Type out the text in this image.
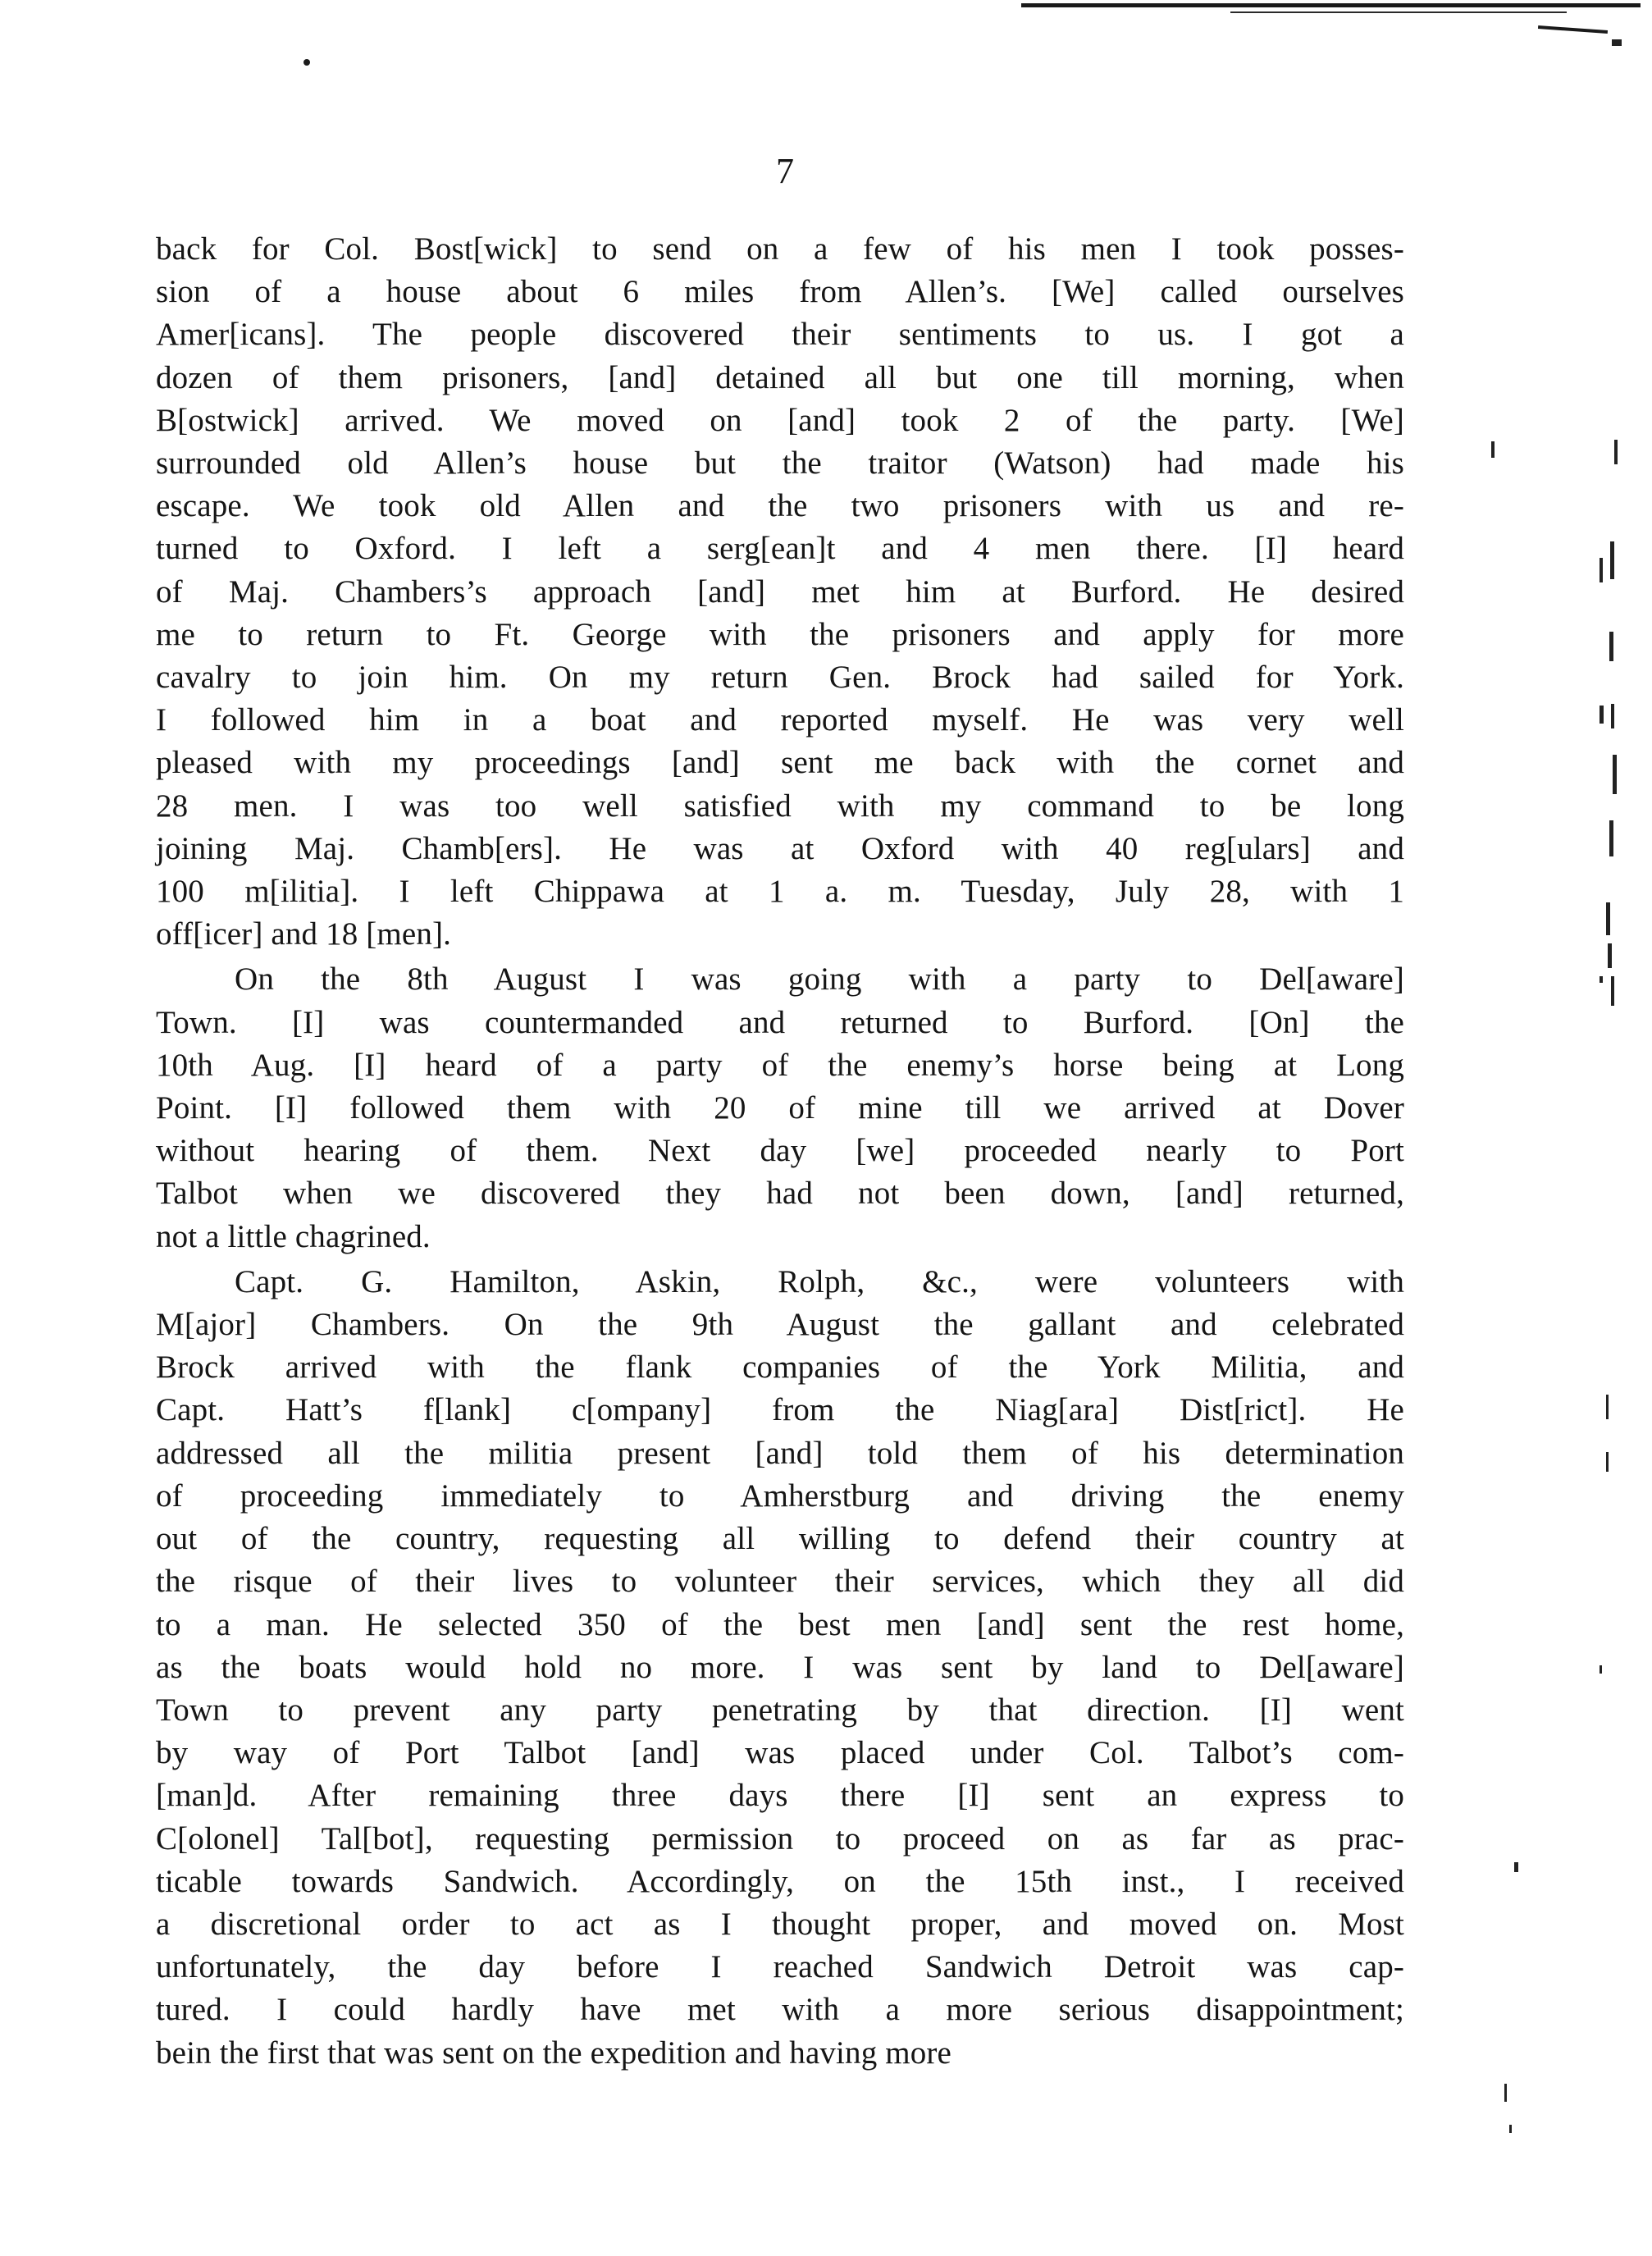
7

back for Col. Bost[wick] to send on a few of his men I took posses-
sion of a house about 6 miles from Allen’s. [We] called ourselves
Amer[icans]. The people discovered their sentiments to us. I got a
dozen of them prisoners, [and] detained all but one till morning, when
B[ostwick] arrived. We moved on [and] took 2 of the party. [We]
surrounded old Allen’s house but the traitor (Watson) had made his
escape. We took old Allen and the two prisoners with us and re-
turned to Oxford. I left a serg[ean]t and 4 men there. [I] heard
of Maj. Chambers’s approach [and] met him at Burford. He desired
me to return to Ft. George with the prisoners and apply for more
cavalry to join him. On my return Gen. Brock had sailed for York.
I followed him in a boat and reported myself. He was very well
pleased with my proceedings [and] sent me back with the cornet and
28 men. I was too well satisfied with my command to be long
joining Maj. Chamb[ers]. He was at Oxford with 40 reg[ulars] and
100 m[ilitia]. I left Chippawa at 1 a. m. Tuesday, July 28, with 1
off[icer] and 18 [men].

On the 8th August I was going with a party to Del[aware]
Town. [I] was countermanded and returned to Burford. [On] the
10th Aug. [I] heard of a party of the enemy’s horse being at Long
Point. [I] followed them with 20 of mine till we arrived at Dover
without hearing of them. Next day [we] proceeded nearly to Port
Talbot when we discovered they had not been down, [and] returned,
not a little chagrined.

Capt. G. Hamilton, Askin, Rolph, &c., were volunteers with
M[ajor] Chambers. On the 9th August the gallant and celebrated
Brock arrived with the flank companies of the York Militia, and
Capt. Hatt’s f[lank] c[ompany] from the Niag[ara] Dist[rict]. He
addressed all the militia present [and] told them of his determination
of proceeding immediately to Amherstburg and driving the enemy
out of the country, requesting all willing to defend their country at
the risque of their lives to volunteer their services, which they all did
to a man. He selected 350 of the best men [and] sent the rest home,
as the boats would hold no more. I was sent by land to Del[aware]
Town to prevent any party penetrating by that direction. [I] went
by way of Port Talbot [and] was placed under Col. Talbot’s com-
[man]d. After remaining three days there [I] sent an express to
C[olonel] Tal[bot], requesting permission to proceed on as far as prac-
ticable towards Sandwich. Accordingly, on the 15th inst., I received
a discretional order to act as I thought proper, and moved on. Most
unfortunately, the day before I reached Sandwich Detroit was cap-
tured. I could hardly have met with a more serious disappointment;
bein the first that was sent on the expedition and having more
